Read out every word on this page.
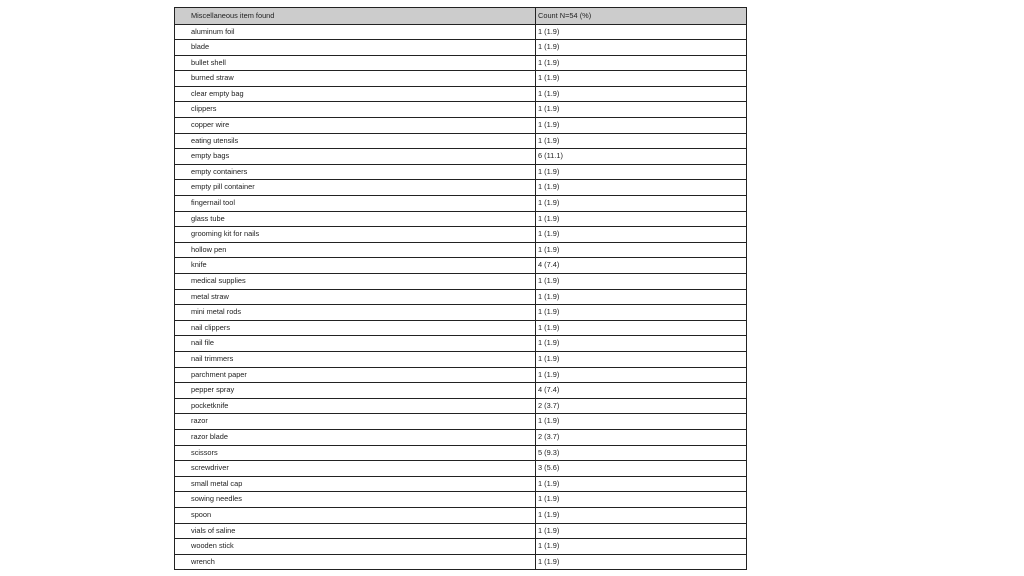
Miscellaneous item found	Count N=54 (%)
aluminum foil	1 (1.9)
blade	1 (1.9)
bullet shell	1 (1.9)
burned straw	1 (1.9)
clear empty bag	1 (1.9)
clippers	1 (1.9)
copper wire	1 (1.9)
eating utensils	1 (1.9)
empty bags	6 (11.1)
empty containers	1 (1.9)
empty pill container	1 (1.9)
fingernail tool	1 (1.9)
glass tube	1 (1.9)
grooming kit for nails	1 (1.9)
hollow pen	1 (1.9)
knife	4 (7.4)
medical supplies	1 (1.9)
metal straw	1 (1.9)
mini metal rods	1 (1.9)
nail clippers	1 (1.9)
nail file	1 (1.9)
nail trimmers	1 (1.9)
parchment paper	1 (1.9)
pepper spray	4 (7.4)
pocketknife	2 (3.7)
razor	1 (1.9)
razor blade	2 (3.7)
scissors	5 (9.3)
screwdriver	3 (5.6)
small metal cap	1 (1.9)
sowing needles	1 (1.9)
spoon	1 (1.9)
vials of saline	1 (1.9)
wooden stick	1 (1.9)
wrench	1 (1.9)
